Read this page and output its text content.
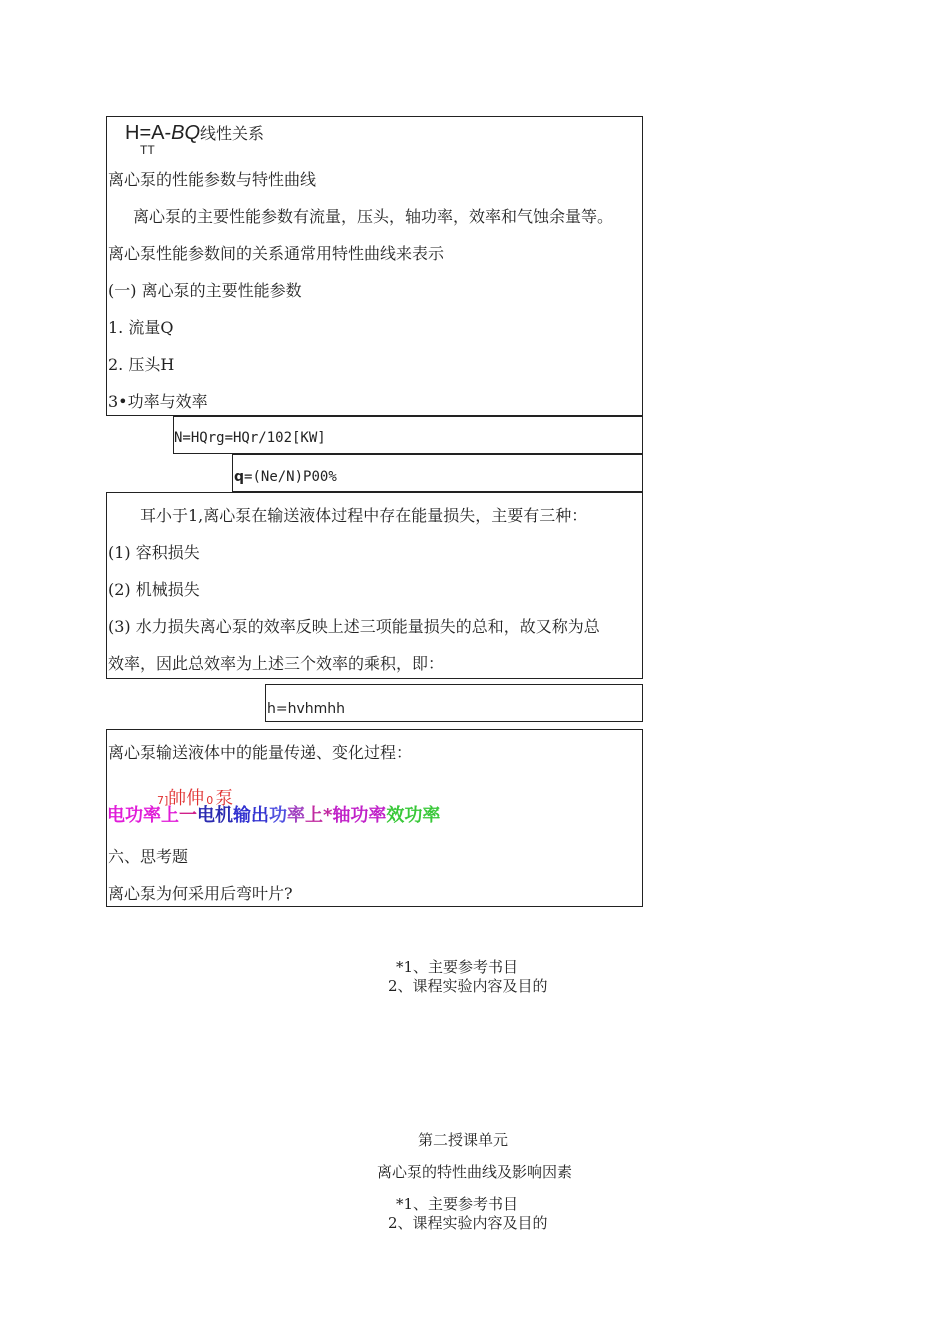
H=A-BQ线性关系
TT
离心泵的性能参数与特性曲线
离心泵的主要性能参数有流量，压头，轴功率，效率和气蚀余量等。
离心泵性能参数间的关系通常用特性曲线来表示
(一) 离心泵的主要性能参数
1. 流量Q
2. 压头H
3•功率与效率
N=HQrg=HQr/102[KW]
q=(Ne/N)P00%
耳小于1,离心泵在输送液体过程中存在能量损失，主要有三种：
(1) 容积损失
(2) 机械损失
(3) 水力损失离心泵的效率反映上述三项能量损失的总和，故又称为总
效率，因此总效率为上述三个效率的乘积，即：
h=hvhmhh
离心泵输送液体中的能量传递、变化过程：
7]帥伸 0 泵
电功率上一电机输出功率上*轴功率效功率
六、思考题
离心泵为何采用后弯叶片?
*1、主要参考书目
2、课程实验内容及目的
第二授课单元
离心泵的特性曲线及影响因素
*1、主要参考书目
2、课程实验内容及目的
